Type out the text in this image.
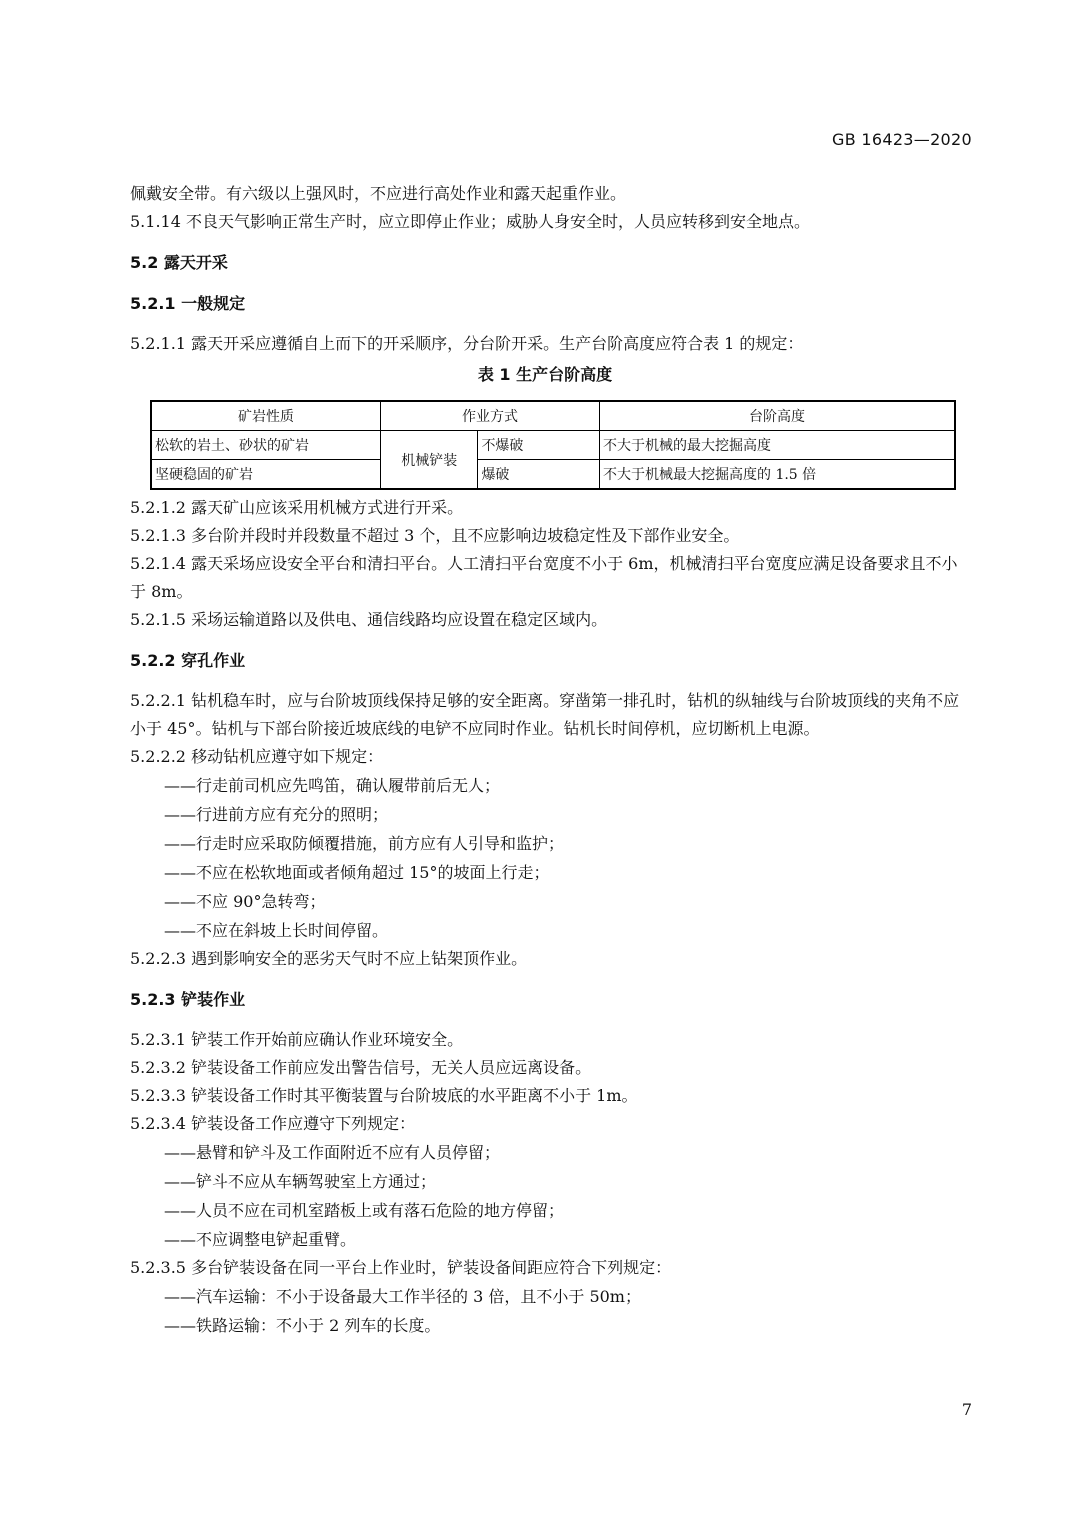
GB 16423—2020

佩戴安全带。有六级以上强风时，不应进行高处作业和露天起重作业。

5.1.14 不良天气影响正常生产时，应立即停止作业；威胁人身安全时，人员应转移到安全地点。

5.2 露天开采
5.2.1 一般规定

5.2.1.1 露天开采应遵循自上而下的开采顺序，分台阶开采。生产台阶高度应符合表 1 的规定：

表 1 生产台阶高度
矿岩性质	作业方式		台阶高度
松软的岩土、砂状的矿岩	机械铲装	不爆破	不大于机械的最大挖掘高度
坚硬稳固的矿岩		爆破	不大于机械最大挖掘高度的 1.5 倍

5.2.1.2 露天矿山应该采用机械方式进行开采。

5.2.1.3 多台阶并段时并段数量不超过 3 个，且不应影响边坡稳定性及下部作业安全。

5.2.1.4 露天采场应设安全平台和清扫平台。人工清扫平台宽度不小于 6m，机械清扫平台宽度应满足设备要求且不小于 8m。

5.2.1.5 采场运输道路以及供电、通信线路均应设置在稳定区域内。

5.2.2 穿孔作业

5.2.2.1 钻机稳车时，应与台阶坡顶线保持足够的安全距离。穿凿第一排孔时，钻机的纵轴线与台阶坡顶线的夹角不应小于 45°。钻机与下部台阶接近坡底线的电铲不应同时作业。钻机长时间停机，应切断机上电源。

5.2.2.2 移动钻机应遵守如下规定：

——行走前司机应先鸣笛，确认履带前后无人；

——行进前方应有充分的照明；

——行走时应采取防倾覆措施，前方应有人引导和监护；

——不应在松软地面或者倾角超过 15°的坡面上行走；

——不应 90°急转弯；

——不应在斜坡上长时间停留。

5.2.2.3 遇到影响安全的恶劣天气时不应上钻架顶作业。

5.2.3 铲装作业

5.2.3.1 铲装工作开始前应确认作业环境安全。

5.2.3.2 铲装设备工作前应发出警告信号，无关人员应远离设备。

5.2.3.3 铲装设备工作时其平衡装置与台阶坡底的水平距离不小于 1m。

5.2.3.4 铲装设备工作应遵守下列规定：

——悬臂和铲斗及工作面附近不应有人员停留；

——铲斗不应从车辆驾驶室上方通过；

——人员不应在司机室踏板上或有落石危险的地方停留；

——不应调整电铲起重臂。

5.2.3.5 多台铲装设备在同一平台上作业时，铲装设备间距应符合下列规定：

——汽车运输：不小于设备最大工作半径的 3 倍，且不小于 50m；

——铁路运输：不小于 2 列车的长度。

7
